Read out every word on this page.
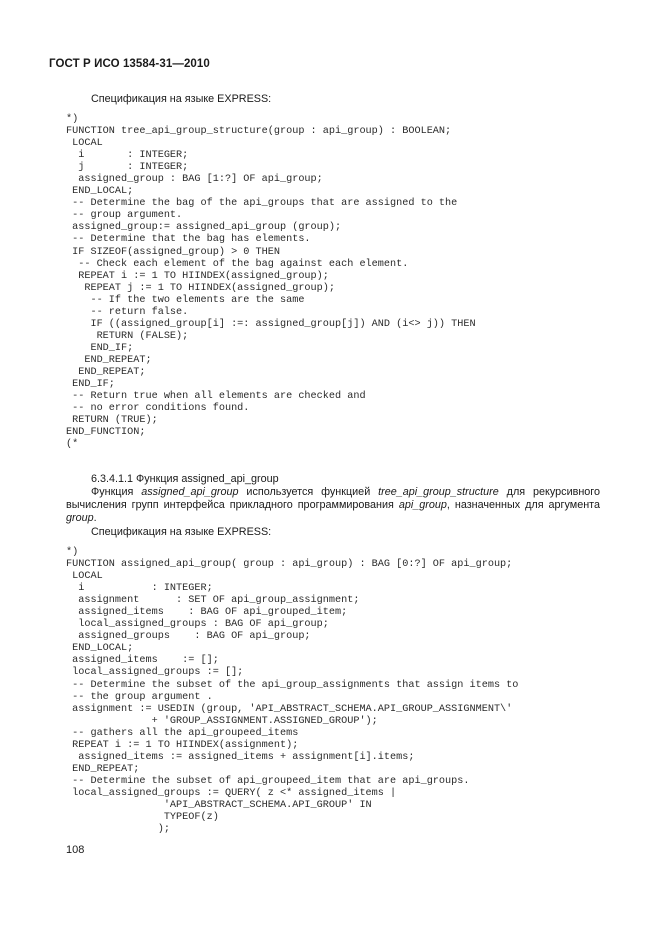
ГОСТ Р ИСО 13584-31—2010
Спецификация на языке EXPRESS:
*)
FUNCTION tree_api_group_structure(group : api_group) : BOOLEAN;
LOCAL
i       : INTEGER;
j       : INTEGER;
assigned_group : BAG [1:?] OF api_group;
END_LOCAL;
-- Determine the bag of the api_groups that are assigned to the
-- group argument.
assigned_group:= assigned_api_group (group);
-- Determine that the bag has elements.
IF SIZEOF(assigned_group) > 0 THEN
-- Check each element of the bag against each element.
REPEAT i := 1 TO HIINDEX(assigned_group);
REPEAT j := 1 TO HIINDEX(assigned_group);
-- If the two elements are the same
-- return false.
IF ((assigned_group[i] :=: assigned_group[j]) AND (i<> j)) THEN
RETURN (FALSE);
END_IF;
END_REPEAT;
END_REPEAT;
END_IF;
-- Return true when all elements are checked and
-- no error conditions found.
RETURN (TRUE);
END_FUNCTION;
(*
6.3.4.1.1 Функция assigned_api_group
Функция assigned_api_group используется функцией tree_api_group_structure для рекурсивного вычисления групп интерфейса прикладного программирования api_group, назначенных для аргумента group.
Спецификация на языке EXPRESS:
*)
FUNCTION assigned_api_group( group : api_group) : BAG [0:?] OF api_group;
LOCAL
i           : INTEGER;
assignment      : SET OF api_group_assignment;
assigned_items    : BAG OF api_grouped_item;
local_assigned_groups : BAG OF api_group;
assigned_groups    : BAG OF api_group;
END_LOCAL;
assigned_items    := [];
local_assigned_groups := [];
-- Determine the subset of the api_group_assignments that assign items to
-- the group argument .
assignment := USEDIN (group, 'API_ABSTRACT_SCHEMA.API_GROUP_ASSIGNMENT\'
+ 'GROUP_ASSIGNMENT.ASSIGNED_GROUP');
-- gathers all the api_groupeed_items
REPEAT i := 1 TO HIINDEX(assignment);
assigned_items := assigned_items + assignment[i].items;
END_REPEAT;
-- Determine the subset of api_groupeed_item that are api_groups.
local_assigned_groups := QUERY( z <* assigned_items |
'API_ABSTRACT_SCHEMA.API_GROUP' IN
TYPEOF(z)
);
108
